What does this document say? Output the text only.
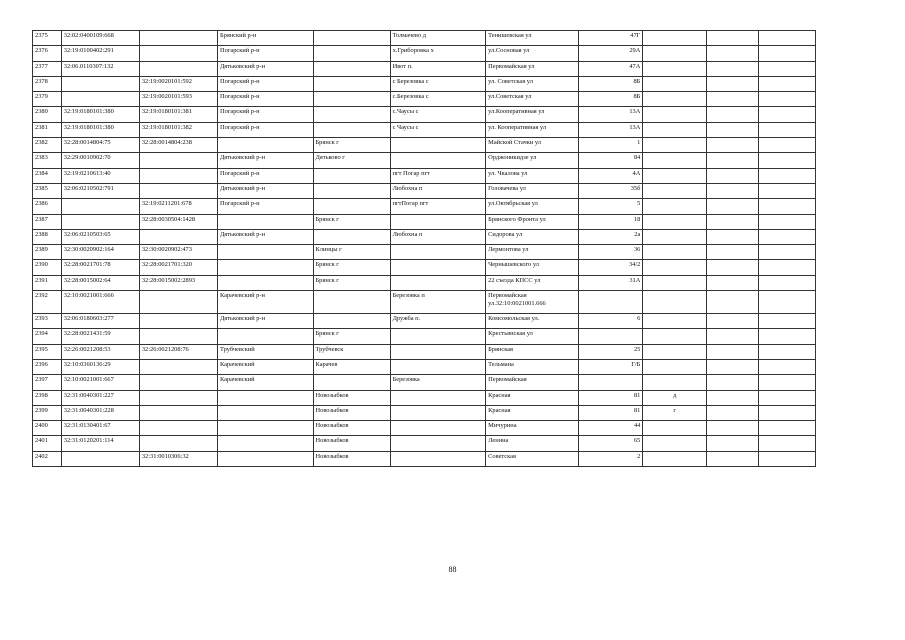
2375	32:02:0400109:668		Брянский р-н		Толмачево д	Тенишевская ул	47Г			
2376	32:19:0100402:291		Погарский р-н		х.Гриборовка х	ул.Сосновая ул	29А			
2377	32:06.0110307:132		Дятьковский р-н		Ивот п.	Первомайская ул	47А			
2378		32:19:0020101:592	Погарский р-н		с Березовка с	ул. Советская ул	8Б			
2379		32:19:0020101:593	Погарский р-н		с.Березовка с	ул.Советская ул	8Б			
2380	32:19:0180101:380	32:19:0180101:381	Погарский р-н		с.Чаусы с	ул.Кооперативная ул	13А			
2381	32:19:0180101:380	32:19:0180101:382	Погарский р-н		с Чаусы с	ул. Кооперативная ул	13А			
2382	32:28:0014804:75	32:28:0014804:238		Брянск г		Майской Стачки ул	1			
2383	32:29:0010902:70		Дятьковский р-н	Дятьково г		Орджоникидзе ул	84			
2384	32:19:0210613:40		Погарский р-н		пгт Погар пгт	ул. Чкалова ул	4А			
2385	32:06:0210502:791		Дятьковский р-н		Любохна п	Головачева ул	35б			
2386		32:19:0211201:678	Погарский р-н		пгтПогар пгт	ул.Октябрьская ул	5			
2387		32:28:0030504:1428		Брянск г		Брянского Фронта ул	18			
2388	32:06:0210503:65		Дятьковский р-н		Любохна п	Сидорова ул	2а			
2389	32:30:0020902:164	32:30:0020902:473		Клинцы г		Лермонтова ул	36			
2390	32:28:0021701:78	32:28:0021701:320		Брянск г		Чернышевского ул	34/2			
2391	32:28:0015002:64	32:28:0015002:2893		Брянск г		22 съезда КПСС ул	31А			
2392	32:10:0021001:666		Карачевский р-н		Березовка п	Первомайская ул.32:10:0021001.666				
2393	32:06:0180603:277		Дятьковский р-н		Дружба п.	Комсомольская ул.	6			
2394	32:28:0021431:59			Брянск г		Крестьянская ул				
2395	32:26:0021208:53	32:26:0021208:76	Трубчевский	Трубчевск		Брянская	25			
2396	32:10:0360136:29		Карачевский	Карачев		Тельмана	Г/Б			
2397	32:10:0021001:667		Карачевский		Березовка	Первомайская				
2398	32:31:0040301:227			Новозыбков		Красная	81	д		
2399	32:31:0040301:228			Новозыбков		Красная	81	г		
2400	32:31:0130401:67			Новозыбков		Мичурина	44			
2401	32:31:0120201:114			Новозыбков		Ленина	65			
2402		32:31:0010306:32		Новозыбков		Советская	2			
88
